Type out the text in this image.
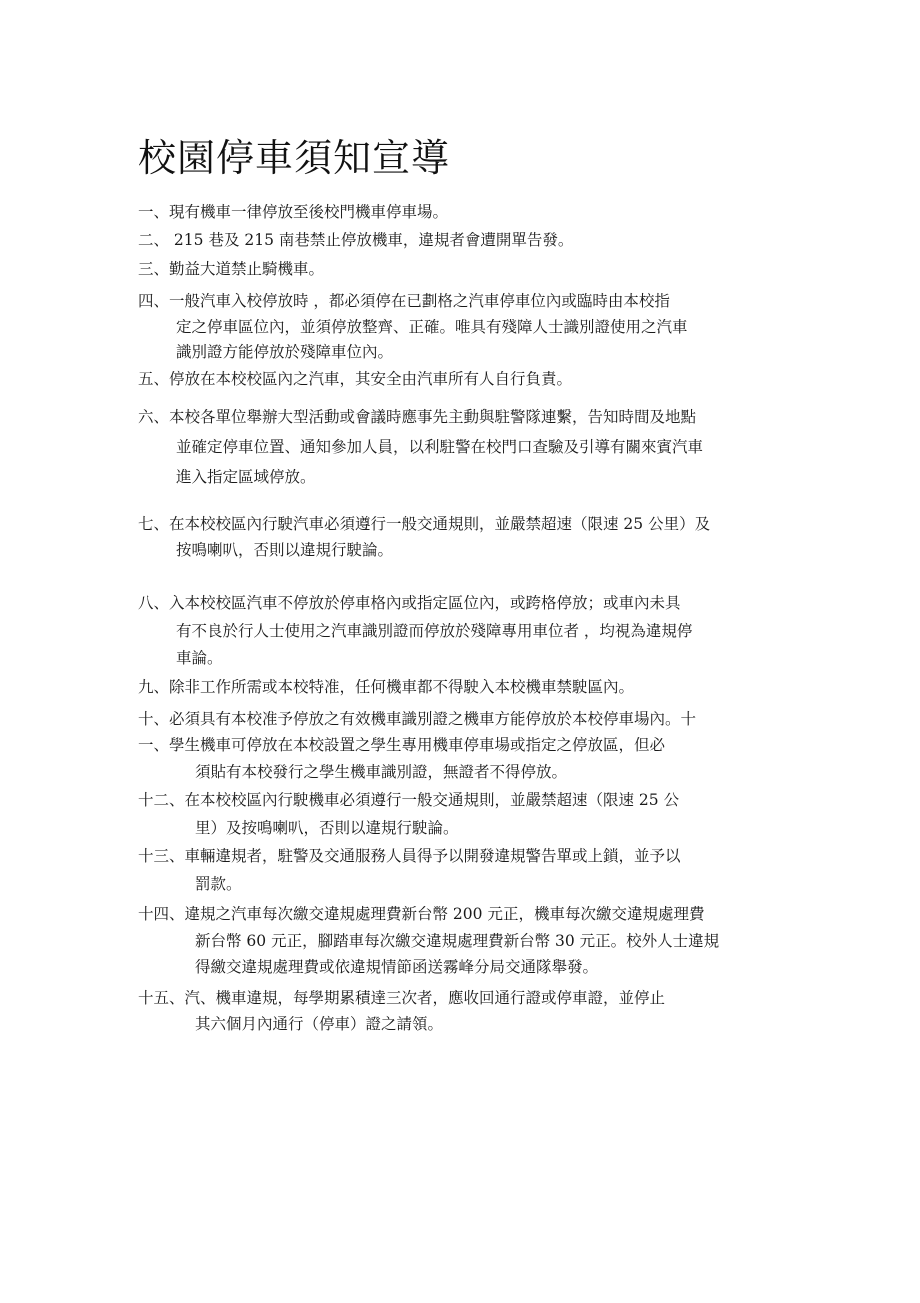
校園停車須知宣導
一、現有機車一律停放至後校門機車停車場。
二、 215 巷及 215 南巷禁止停放機車，違規者會遭開單告發。
三、勤益大道禁止騎機車。
四、一般汽車入校停放時 ，都必須停在已劃格之汽車停車位內或臨時由本校指
定之停車區位內，並須停放整齊、正確。唯具有殘障人士識別證使用之汽車
識別證方能停放於殘障車位內。
五、停放在本校校區內之汽車，其安全由汽車所有人自行負責。
六、本校各單位舉辦大型活動或會議時應事先主動與駐警隊連繫，告知時間及地點
並確定停車位置、通知參加人員，以利駐警在校門口查驗及引導有關來賓汽車
進入指定區域停放。
七、在本校校區內行駛汽車必須遵行一般交通規則，並嚴禁超速（限速 25 公里）及
按鳴喇叭，否則以違規行駛論。
八、入本校校區汽車不停放於停車格內或指定區位內，或跨格停放；或車內未具
有不良於行人士使用之汽車識別證而停放於殘障專用車位者 ，均視為違規停
車論。
九、除非工作所需或本校特准，任何機車都不得駛入本校機車禁駛區內。
十、必須具有本校准予停放之有效機車識別證之機車方能停放於本校停車場內。十
一、學生機車可停放在本校設置之學生專用機車停車場或指定之停放區，但必
須貼有本校發行之學生機車識別證，無證者不得停放。
十二、在本校校區內行駛機車必須遵行一般交通規則，並嚴禁超速（限速 25 公
里）及按鳴喇叭，否則以違規行駛論。
十三、車輛違規者，駐警及交通服務人員得予以開發違規警告單或上鎖，並予以
罰款。
十四、違規之汽車每次繳交違規處理費新台幣 200 元正，機車每次繳交違規處理費
新台幣 60 元正，腳踏車每次繳交違規處理費新台幣 30 元正。校外人士違規
得繳交違規處理費或依違規情節函送霧峰分局交通隊舉發。
十五、汽、機車違規，每學期累積達三次者，應收回通行證或停車證，並停止
其六個月內通行（停車）證之請領。
